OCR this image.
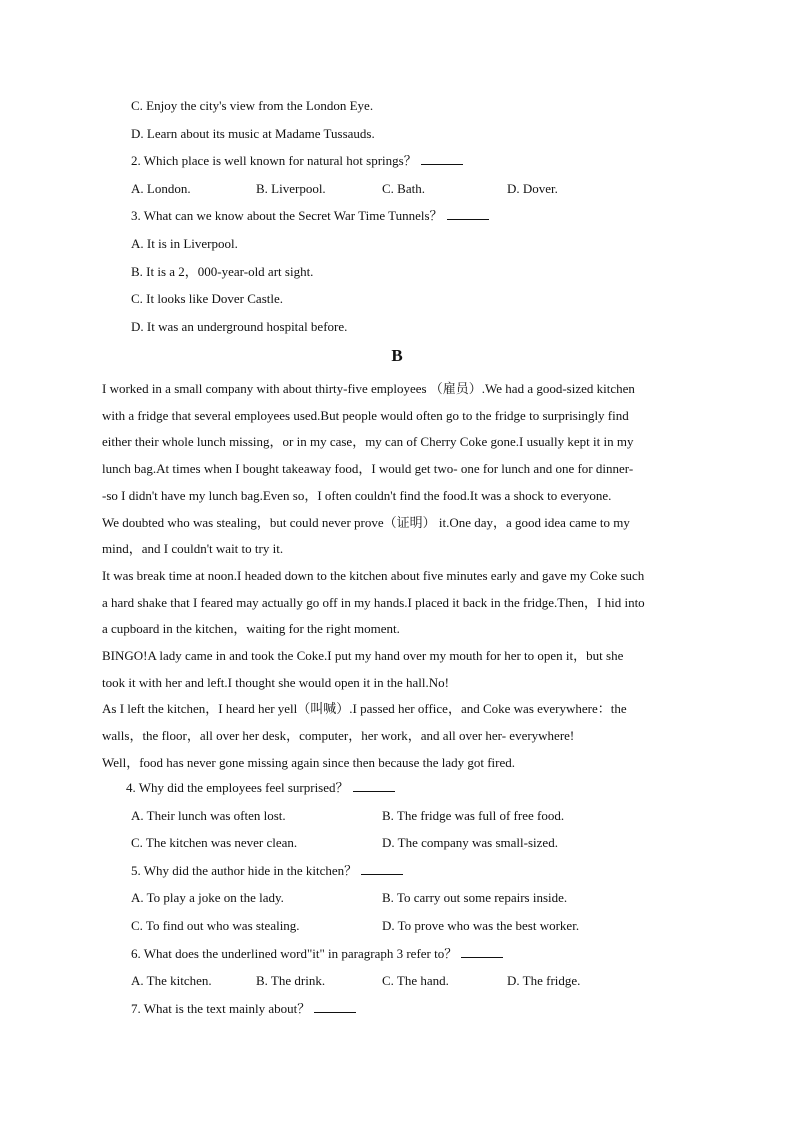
C. Enjoy the city's view from the London Eye.
D. Learn about its music at Madame Tussauds.
2. Which place is well known for natural hot springs？
A. London.	B. Liverpool.	C. Bath.	D. Dover.
3. What can we know about the Secret War Time Tunnels？
A. It is in Liverpool.
B. It is a 2，000-year-old art sight.
C. It looks like Dover Castle.
D. It was an underground hospital before.
B
I worked in a small company with about thirty-five employees （雇员）.We had a good-sized kitchen
with a fridge that several employees used.But people would often go to the fridge to surprisingly find
either their whole lunch missing，or in my case，my can of Cherry Coke gone.I usually kept it in my
lunch bag.At times when I bought takeaway food，I would get two- one for lunch and one for dinner-
-so I didn't have my lunch bag.Even so，I often couldn't find the food.It was a shock to everyone.
We doubted who was stealing，but could never prove（证明） it.One day，a good idea came to my
mind，and I couldn't wait to try it.
It was break time at noon.I headed down to the kitchen about five minutes early and gave my Coke such
a hard shake that I feared may actually go off in my hands.I placed it back in the fridge.Then，I hid into
a cupboard in the kitchen，waiting for the right moment.
BINGO!A lady came in and took the Coke.I put my hand over my mouth for her to open it，but she
took it with her and left.I thought she would open it in the hall.No!
As I left the kitchen，I heard her yell（叫喊）.I passed her office，and Coke was everywhere：the
walls，the floor，all over her desk，computer，her work，and all over her- everywhere!
Well，food has never gone missing again since then because the lady got fired.
4. Why did the employees feel surprised？
A. Their lunch was often lost.	B. The fridge was full of free food.
C. The kitchen was never clean.	D. The company was small-sized.
5. Why did the author hide in the kitchen？
A. To play a joke on the lady.	B. To carry out some repairs inside.
C. To find out who was stealing.	D. To prove who was the best worker.
6. What does the underlined word"it" in paragraph 3 refer to？
A. The kitchen.	B. The drink.	C. The hand.	D. The fridge.
7. What is the text mainly about？
